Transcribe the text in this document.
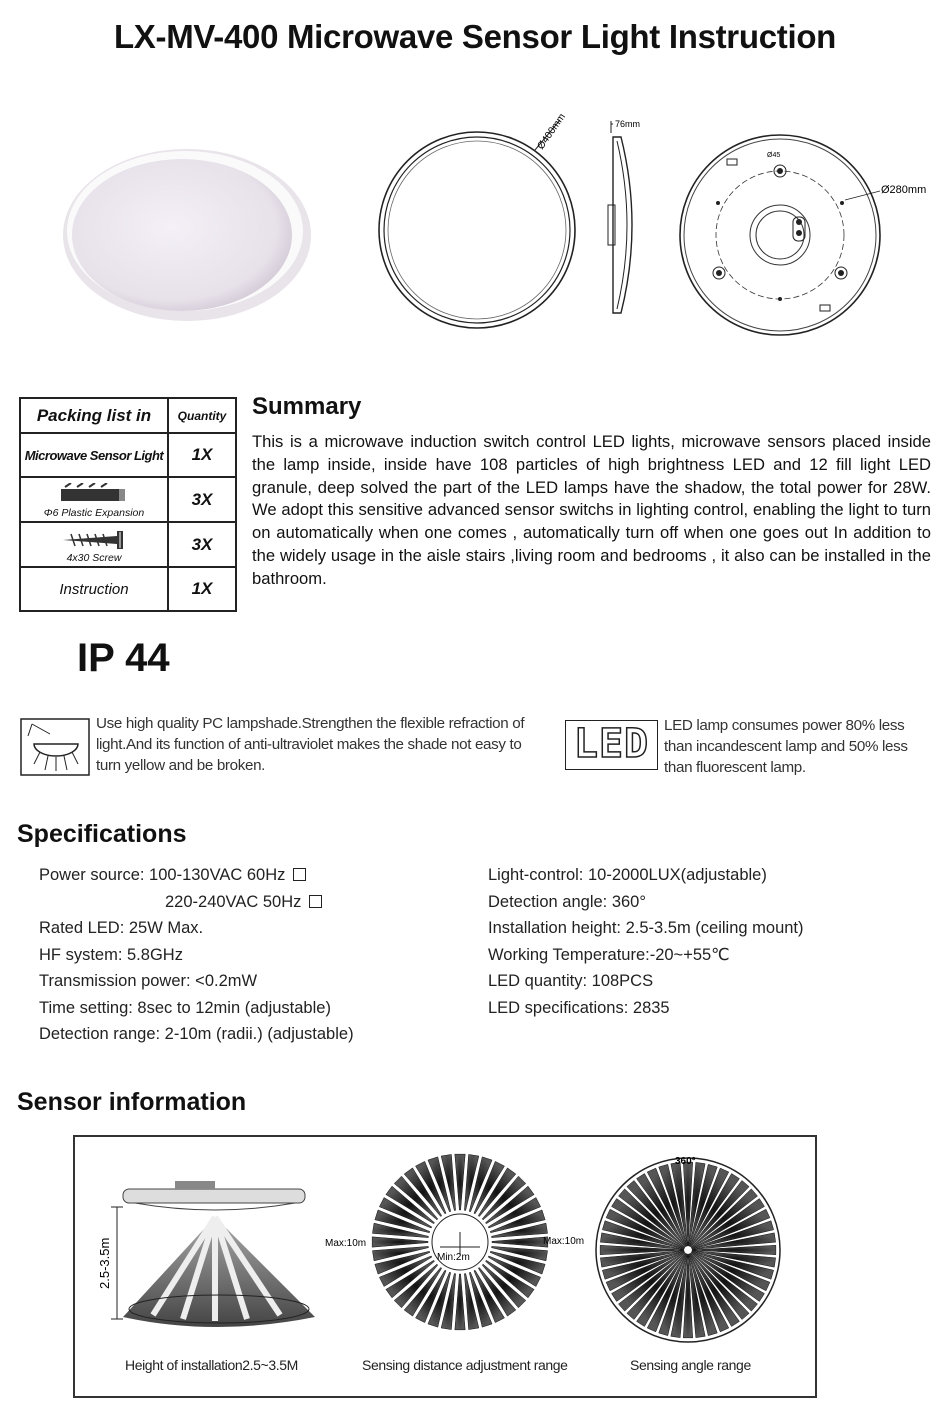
LX-MV-400 Microwave Sensor Light Instruction
Ø400mm	76mm
Ø45
Ø280mm
Packing list in	Quantity
Microwave Sensor Light	1X

Φ6 Plastic Expansion	3X

4x30 Screw	3X
Instruction	1X
Summary
This is a microwave induction switch control LED lights, microwave sensors placed inside the lamp inside, inside have 108 particles of high brightness LED and 12 fill light LED granule, deep solved the part of the LED lamps have the shadow, the total power for 28W. We adopt this sensitive advanced sensor switchs in lighting control, enabling the light to turn on automatically when one comes , automatically turn off when one goes out In addition to the widely usage in the aisle stairs ,living room and bedrooms , it also can be installed in the bathroom.
IP 44
Use high quality PC lampshade.Strengthen the flexible refraction of light.And its function of anti-ultraviolet makes the shade not easy to turn yellow and be broken.	LED LED lamp consumes power 80% less than incandescent lamp and 50% less than fluorescent lamp.
Specifications
Power source: 100-130VAC 60Hz
220-240VAC 50Hz
Rated LED: 25W Max.
HF system: 5.8GHz
Transmission power: <0.2mW
Time setting: 8sec to 12min (adjustable)
Detection range: 2-10m (radii.) (adjustable)
Light-control: 10-2000LUX(adjustable)
Detection angle: 360°
Installation height: 2.5-3.5m (ceiling mount)
Working Temperature:-20~+55℃
LED quantity: 108PCS
LED specifications: 2835
Sensor information
2.5-3.5m	Min:2m
Max:10m	Max:10m
360°
Height of installation2.5~3.5M	Sensing distance adjustment range	Sensing angle range
